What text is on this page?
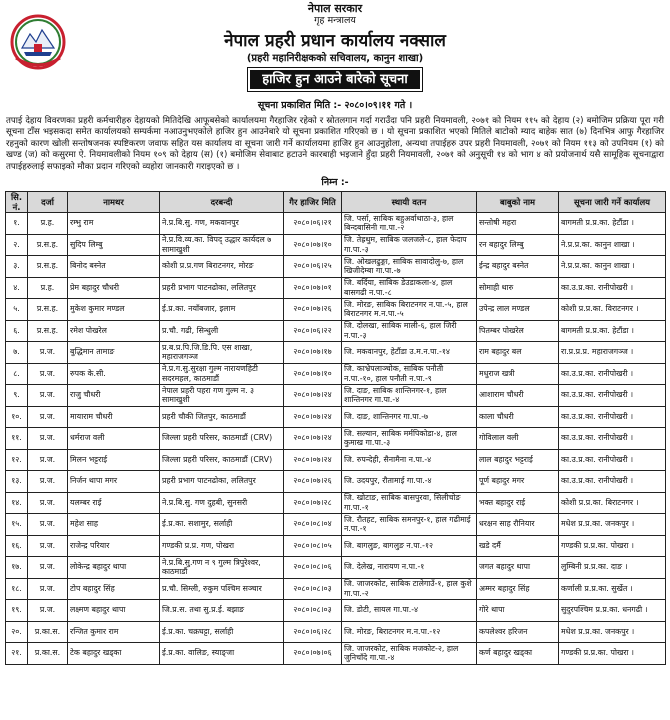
नेपाल सरकार
गृह मन्त्रालय
नेपाल प्रहरी प्रधान कार्यालय नक्साल
(प्रहरी महानिरीक्षकको सचिवालय, कानुन शाखा)
हाजिर हुन आउने बारेको सूचना
सूचना प्रकाशित मिति :- २०८०।०९।११ गते ।
तपाई देहाय विवरणका प्रहरी कर्मचारीहरु देहायको मितिदेखि आफूबसेको कार्यालयमा गैरहाजिर रहेको र स्रोतलगान गर्दा गराउँदा पनि प्रहरी नियमावली, २०७१ को नियम ११५ को देहाय (२) बमोजिम प्रक्रिया पूरा गरी सूचना टाँस भइसकदा समेत कार्यालयको सम्पर्कमा नआउनुभएकोले हाजिर हुन आउनेबारे यो सूचना प्रकाशित गरिएको छ । यो सूचना प्रकाशित भएको मितिले बाटोको म्याद बाहेक सात (७) दिनभित्र आफु गैरहाजिर रहनुको कारण खोली सन्तोषजनक स्पष्टिकरण जवाफ सहित यस कार्यालय वा सूचना जारी गर्ने कार्यालयमा हाजिर हुन आउनुहोला, अन्यथा तपाईहरु उपर प्रहरी नियमावली, २०७१ को नियम ११३ को उपनियम (१) को खण्ड (ज) को कसुरमा ऐ. नियमावलीको नियम १०९ को देहाय (स) (१) बमोजिम सेवाबाट हटाउने कारबाही भइजाने हुँदा प्रहरी नियमावली, २०७१ को अनुसूची १४ को भाग ४ को प्रयोजनार्थ यसै सामूहिक सूचनाद्वारा तपाईहरुलाई सफाइको मौका प्रदान गरिएको व्यहोरा जानकारी गराइएको छ ।
निम्न :-
सि. नं.	दर्जा	नामथर	दरबन्दी	गैर हाजिर मिति	स्थायी वतन	बाबुको नाम	सूचना जारी गर्ने कार्यालय
१.	प्र.ह.	रम्भु राम	ने.प्र.बि.सु. गण, मकवानपुर	२०८०।०६।२१	जि. पर्सा, साबिक बहुअर्वाथाठा-३, हाल बिन्दबासिनी गा.पा.-२	सन्तोषी महरा	बागमती प्र.प्र.का. हेटौंडा ।
२.	प्र.स.ह.	सुदिप लिम्बु	ने.प्र.वि.व्य.का. विपद् उद्धार कार्यदल ७ सामाखुशी	२०८०।०७।१०	जि. तेह्रथुम, साबिक जलजले-८, हाल फेदाप गा.पा.-३	रन बहादुर लिम्बु	ने.प्र.प्र.का. कानुन शाखा ।
३.	प्र.स.ह.	बिनोद बस्नेत	कोशी प्र.प्र.गण बिराटनगर, मोरङ	२०८०।०६।२५	जि. ओखलढुङ्गा, साबिक सावादोलु-७, हाल खिजीदेम्बा गा.पा.-७	ईन्द्र बहादुर बस्नेत	ने.प्र.प्र.का. कानुन शाखा ।
४.	प्र.ह.	प्रेम बहादुर चौधरी	प्रहरी प्रभाग पाटनढोका, ललितपुर	२०८०।०७।०१	जि. बर्दिया, साबिक डेउडाकला-४, हाल बासगढी न.पा.-८	सोमाही थारु	का.उ.प्र.का. रानीपोखरी ।
५.	प्र.स.ह.	मुकेश कुमार मण्डल	ई.प्र.का. नयाँबजार, इलाम	२०८०।०७।२६	जि. मोरङ, साबिक बिराटनगर न.पा.-५, हाल बिराटनगर म.न.पा.-५	उपेन्द्र लाल मण्डल	कोशी प्र.प्र.का. विराटनगर ।
६.	प्र.स.ह.	रमेश पोखरेल	प्र.चौ. गढी, सिन्धुली	२०८०।०६।२२	जि. दोलखा, साबिक माली-६, हाल जिरी न.पा.-३	पितम्बर पोखरेल	बागमती प्र.प्र.का. हेटौंडा ।
७.	प्र.ज.	बुद्धिमान तामाङ	प्र.ब.प्र.पि.जि.डि.पि. एस शाखा, महाराजगञ्ज	२०८०।०७।१७	जि. मकवानपुर, हेटौंडा उ.म.न.पा.-१४	राम बहादुर बल	रा.प्र.प्र.प्र. महाराजगञ्ज ।
८.	प्र.ज.	रुपक के.सी.	ने.प्र.ग.सु.सुरक्षा गुल्म नारायणहिटी सदरमहल, काठमाडौं	२०८०।०७।१०	जि. काभ्रेपलाञ्चोक, साबिक पनौती न.पा.-१०, हाल पनौती न.पा.-९	मधुराज खत्री	का.उ.प्र.का. रानीपोखरी ।
९.	प्र.ज.	राजु चौधरी	नेपाल प्रहरी पहरा गण गुल्म न. ३ सामाखुशी	२०८०।०७।२४	जि. दाङ, साबिक शान्तिनगर-१, हाल शान्तिनगर गा.पा.-४	आशाराम चौधरी	का.उ.प्र.का. रानीपोखरी ।
१०.	प्र.ज.	मायाराम चौधरी	प्रहरी चौकी जितपुर, काठमाडौं	२०८०।०७।२४	जि. दाङ, शान्तिनगर गा.पा.-७	काला चौधरी	का.उ.प्र.का. रानीपोखरी ।
११.	प्र.ज.	धर्मराज वली	जिल्ला प्रहरी परिसर, काठमाडौं (CRV)	२०८०।०७।२४	जि. सल्यान, साबिक मर्मपिकोडा-४, हाल कुमाख गा.पा.-३	गोविलाल वली	का.उ.प्र.का. रानीपोखरी ।
१२.	प्र.ज.	मिलन भट्टराई	जिल्ला प्रहरी परिसर, काठमाडौं (CRV)	२०८०।०७।२४	जि. रुपन्देही, सैनामैना न.पा.-४	लाल बहादुर भट्टराई	का.उ.प्र.का. रानीपोखरी ।
१३.	प्र.ज.	निर्जन थापा मगर	प्रहरी प्रभाग पाटनढोका, ललितपुर	२०८०।०७।२६	जि. उदयपुर, रौतामाई गा.पा.-४	पूर्ण बहादुर मगर	का.उ.प्र.का. रानीपोखरी ।
१४.	प्र.ज.	यलम्बर राई	ने.प्र.बि.सु. गण दुहबी, सुनसरी	२०८०।०७।२८	जि. खोटाङ, साबिक बासपुरवा, सिलीचोङ गा.पा.-१	भक्त बहादुर राई	कोशी प्र.प्र.का. बिराटनगर ।
१५.	प्र.ज.	महेश साह	ई.प्र.का. सशामुर, सर्लाही	२०८०।०८।०४	जि. रौतहट, साबिक समनपुर-१, हाल गढीमाई न.पा.-१	धरक्षन साह रौनियार	मधेश प्र.प्र.का. जनकपुर ।
१६.	प्र.ज.	राजेन्द्र परियार	गण्डकी प्र.प्र. गण, पोखरा	२०८०।०८।०५	जि. बागलुङ, बागलुङ न.पा.-१२	खडे दर्मै	गण्डकी प्र.प्र.का. पोखरा ।
१७.	प्र.ज.	लोकेन्द्र बहादुर थापा	ने.प्र.बि.सु.गण न ९ गुल्म त्रिपुरेश्वर, काठमाडौं	२०८०।०८।०६	जि. देलेख, नारायण न.पा.-१	जगत बहादुर थापा	लुम्बिनी प्र.प्र.का. दाङ ।
१८.	प्र.ज.	टोप बहादुर सिंह	प्र.चौ. सिम्ली, रुकुम पश्चिम सञ्चार	२०८०।०८।०३	जि. जाजरकोट, साबिक टालेगाउँ-१, हाल कुशे गा.पा.-२	अम्मर बहादुर सिंह	कर्णाली प्र.प्र.का. सुर्खेत ।
१९.	प्र.ज.	लक्ष्मण बहादुर थापा	जि.प्र.स. तथा सु.प्र.ई. बझाङ	२०८०।०८।०३	जि. डोटी, सायल गा.पा.-४	गोरे थापा	सुदुरपश्चिम प्र.प्र.का. धनगढी ।
२०.	प्र.का.स.	रन्जित कुमार राम	ई.प्र.का. चक्रघट्टा, सर्लाही	२०८०।०६।२८	जि. मोरङ, बिराटनगर म.न.पा.-१२	कपलेश्वर हरिजन	मधेश प्र.प्र.का. जनकपुर ।
२१.	प्र.का.स.	टेक बहादुर खड्का	ई.प्र.का. वालिङ, स्याङ्जा	२०८०।०७।०६	जि. जाजरकोट, साबिक मजकोट-२, हाल जुनिचाँदे गा.पा.-४	कर्ण बहादुर खड्का	गण्डकी प्र.प्र.का. पोखरा ।
